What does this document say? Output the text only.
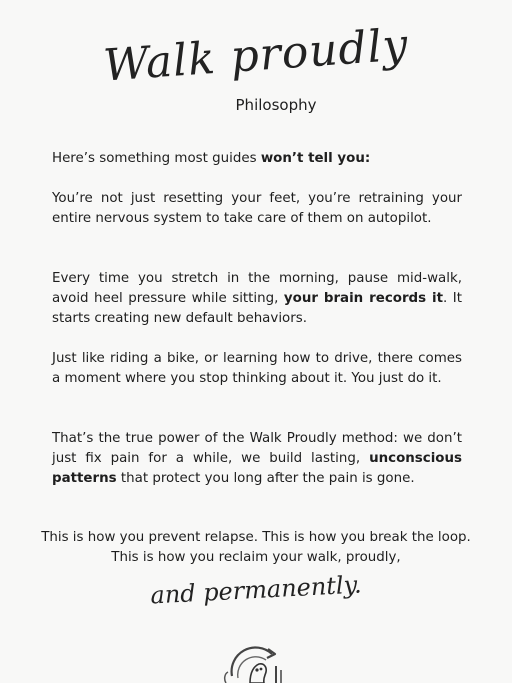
Walk proudly
Philosophy

Here’s something most guides won’t tell you:

You’re not just resetting your feet, you’re retraining your entire nervous system to take care of them on autopilot.

Every time you stretch in the morning, pause mid-walk, avoid heel pressure while sitting, your brain records it. It starts creating new default behaviors.

Just like riding a bike, or learning how to drive, there comes a moment where you stop thinking about it. You just do it.

That’s the true power of the Walk Proudly method: we don’t just fix pain for a while, we build lasting, unconscious patterns that protect you long after the pain is gone.

This is how you prevent relapse. This is how you break the loop. This is how you reclaim your walk, proudly,

and permanently.
